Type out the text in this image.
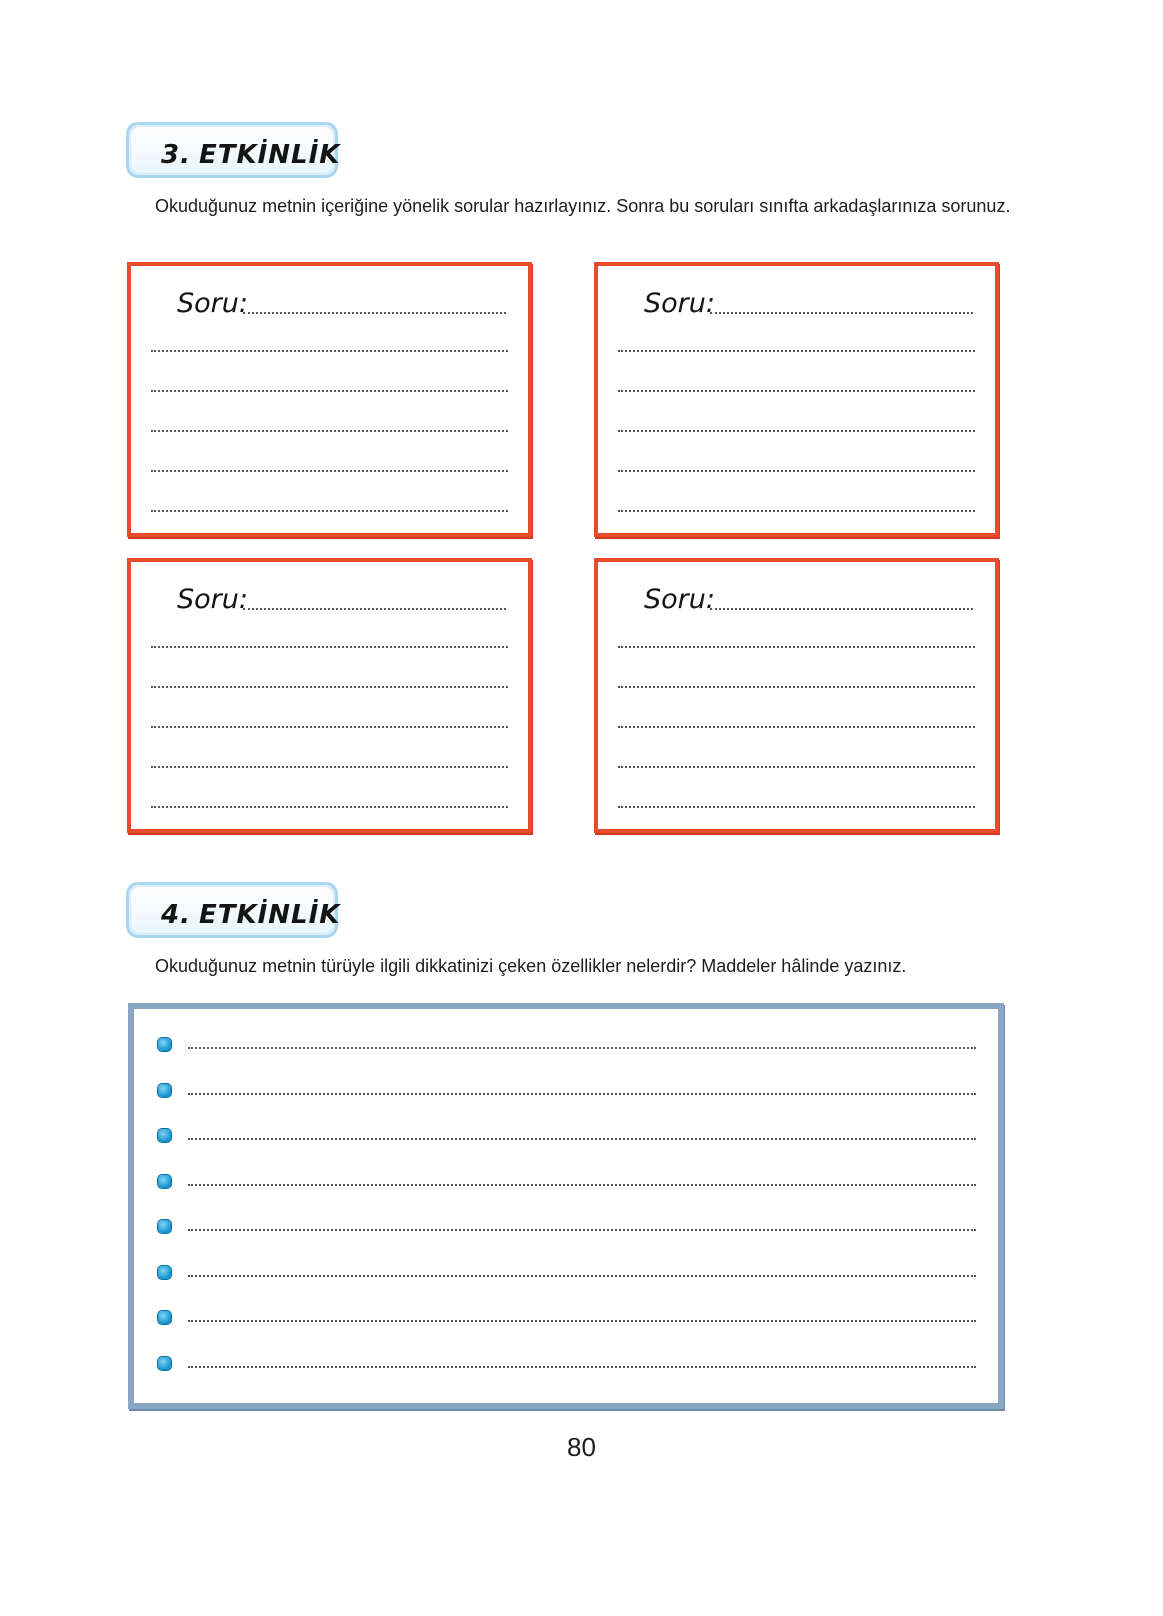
3. ETKİNLİK
Okuduğunuz metnin içeriğine yönelik sorular hazırlayınız. Sonra bu soruları sınıfta arkadaşlarınıza sorunuz.
Soru:	Soru:
Soru:	Soru:
4. ETKİNLİK
Okuduğunuz metnin türüyle ilgili dikkatinizi çeken özellikler nelerdir? Maddeler hâlinde yazınız.
80
